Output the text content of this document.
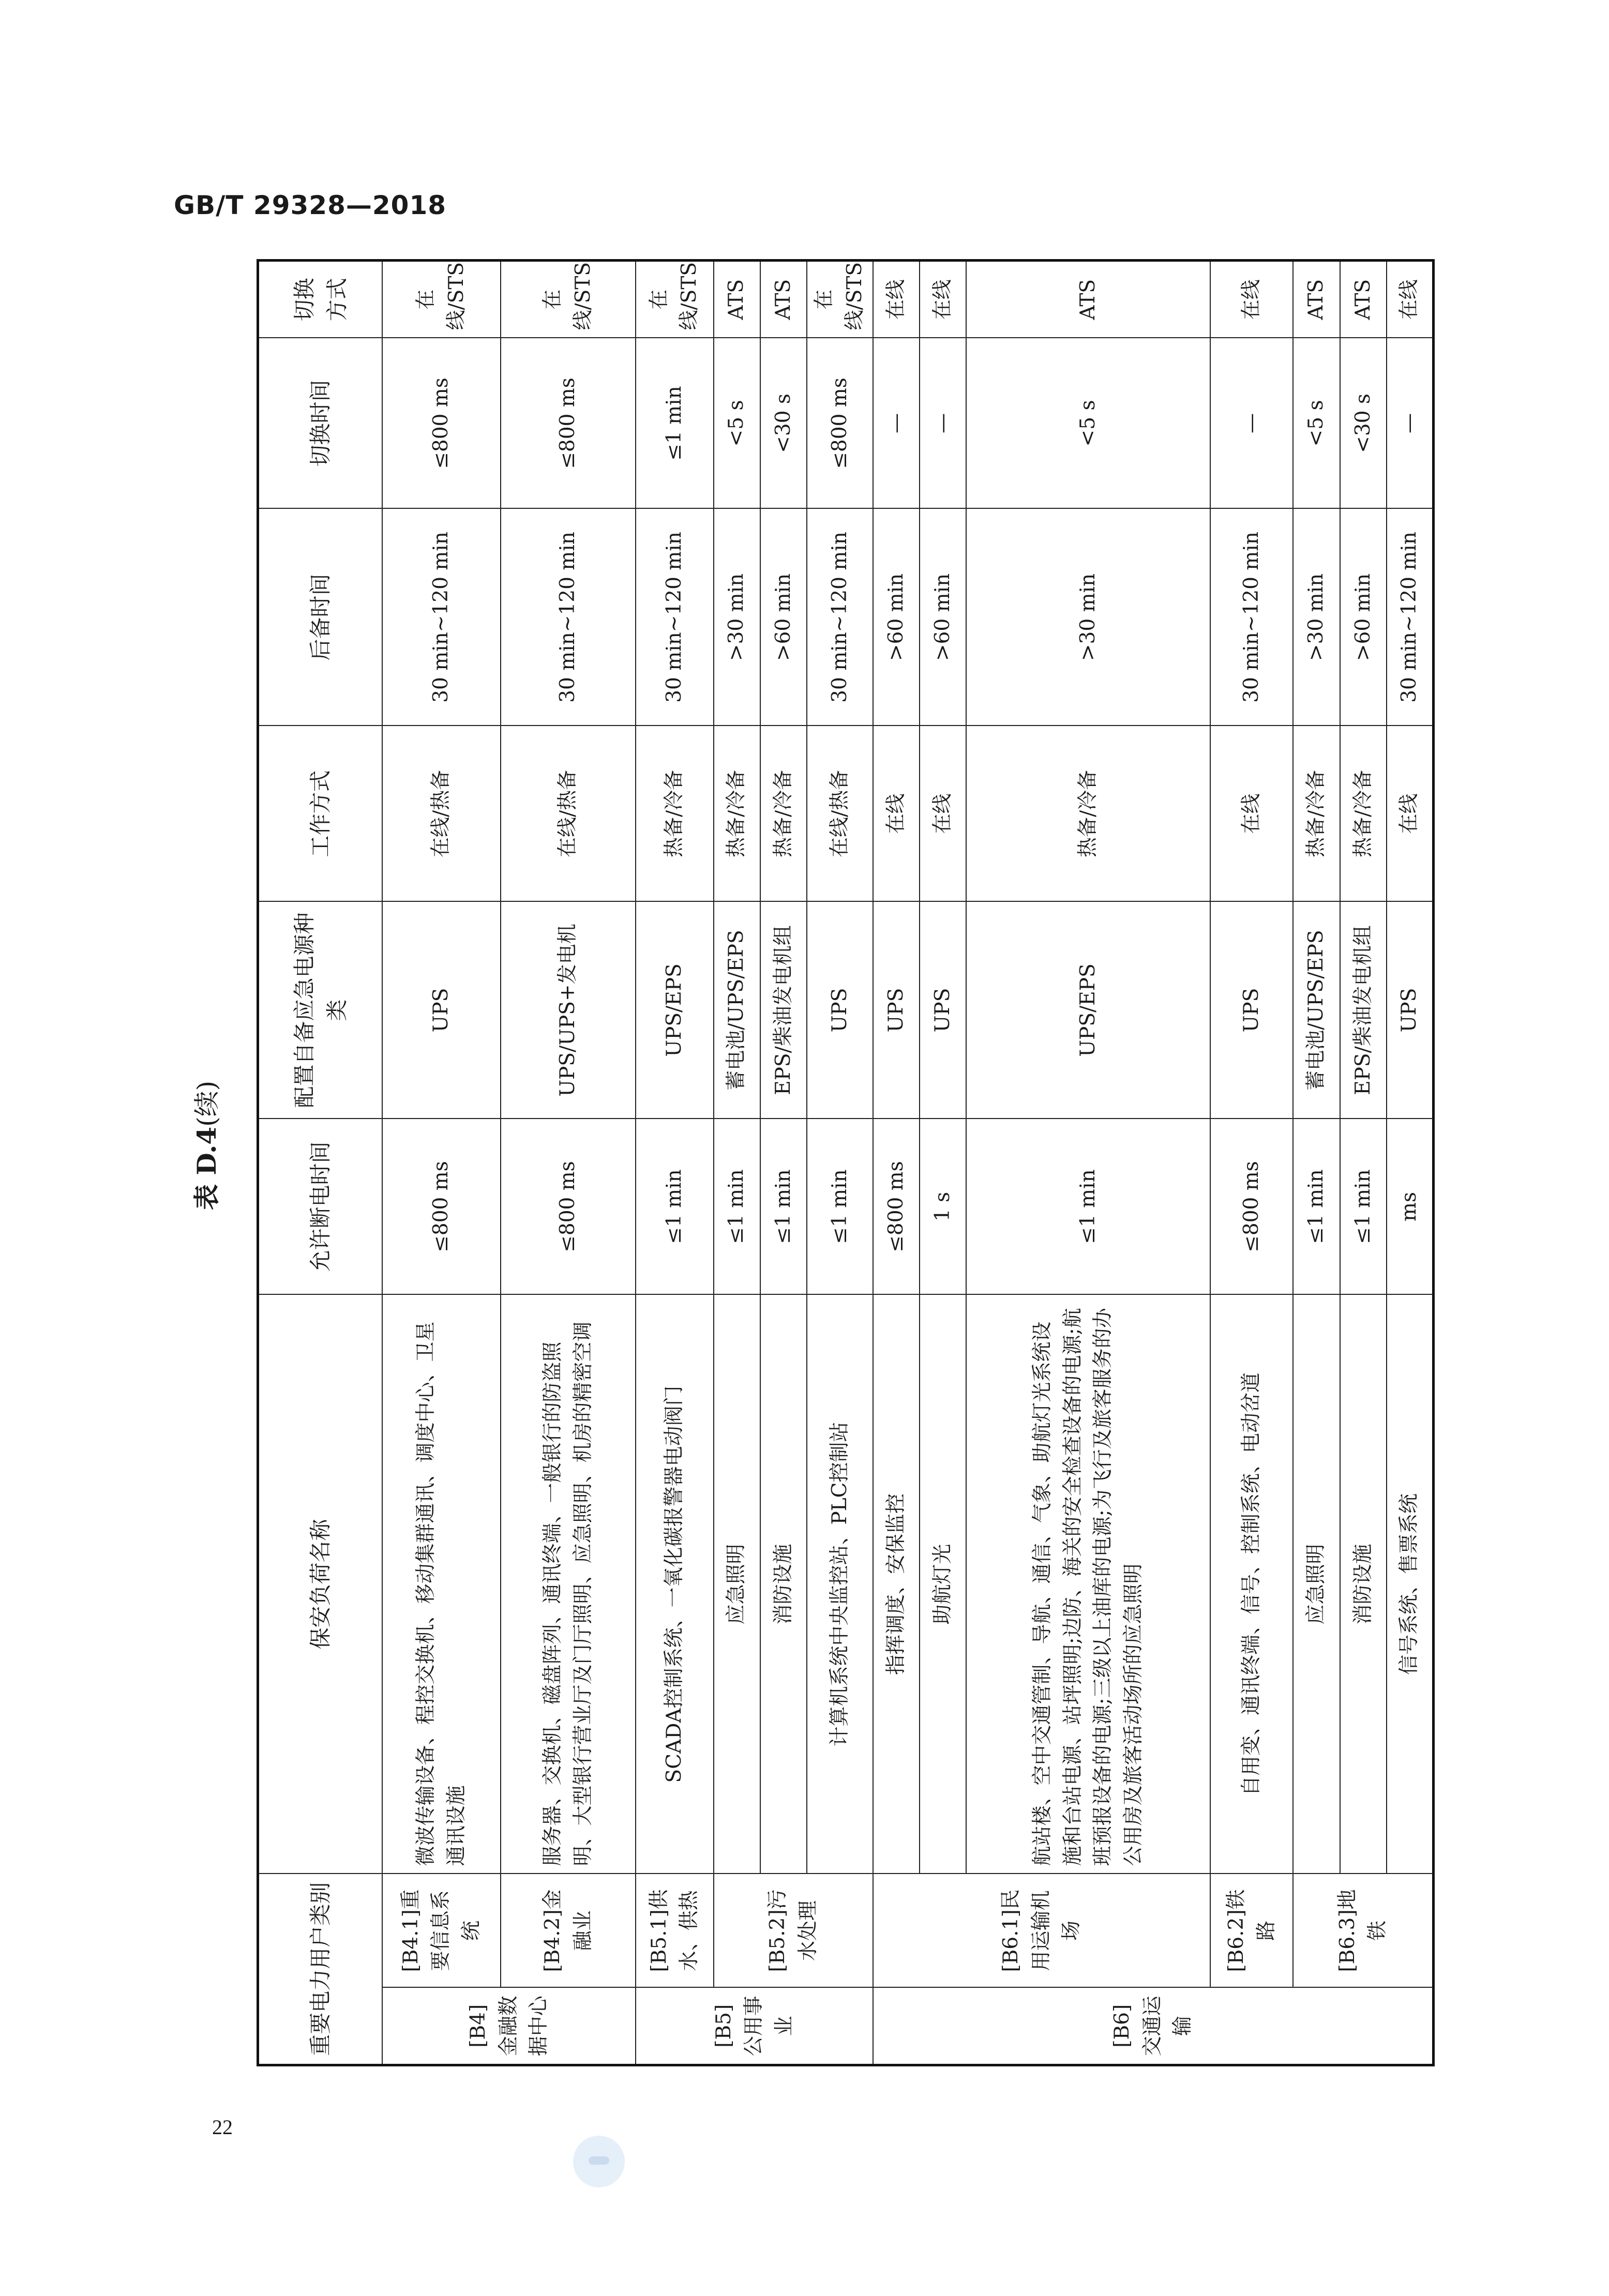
GB/T 29328—2018
表 D.4(续)
重要电力用户类别		保安负荷名称	允许断电时间	配置自备应急电源种类	工作方式	后备时间	切换时间	切换方式
[B4]金融数据中心	[B4.1]重要信息系统	微波传输设备、程控交换机、移动集群通讯、调度中心、卫星通讯设施	≤800 ms	UPS	在线/热备	30 min~120 min	≤800 ms	在线/STS
	[B4.2]金融业	服务器、交换机、磁盘阵列、通讯终端、一般银行的防盗照明、大型银行营业厅及门厅照明、应急照明、机房的精密空调	≤800 ms	UPS/UPS+发电机	在线/热备	30 min~120 min	≤800 ms	在线/STS
[B5]公用事业	[B5.1]供水、供热	SCADA控制系统、一氧化碳报警器电动阀门	≤1 min	UPS/EPS	热备/冷备	30 min~120 min	≤1 min	在线/STS
	[B5.2]污水处理	应急照明	≤1 min	蓄电池/UPS/EPS	热备/冷备	>30 min	<5 s	ATS
		消防设施	≤1 min	EPS/柴油发电机组	热备/冷备	>60 min	<30 s	ATS
		计算机系统中央监控站、PLC控制站	≤1 min	UPS	在线/热备	30 min~120 min	≤800 ms	在线/STS
[B6]交通运输	[B6.1]民用运输机场	指挥调度、安保监控	≤800 ms	UPS	在线	>60 min	—	在线
		助航灯光	1 s	UPS	在线	>60 min	—	在线
		航站楼、空中交通管制、导航、通信、气象、助航灯光系统设施和台站电源、站坪照明;边防、海关的安全检查设备的电源;航班预报设备的电源;三级以上油库的电源;为飞行及旅客服务的办公用房及旅客活动场所的应急照明	≤1 min	UPS/EPS	热备/冷备	>30 min	<5 s	ATS
	[B6.2]铁路	自用变、通讯终端、信号、控制系统、电动岔道	≤800 ms	UPS	在线	30 min~120 min	—	在线
	[B6.3]地铁	应急照明	≤1 min	蓄电池/UPS/EPS	热备/冷备	>30 min	<5 s	ATS
		消防设施	≤1 min	EPS/柴油发电机组	热备/冷备	>60 min	<30 s	ATS
		信号系统、售票系统	ms	UPS	在线	30 min~120 min	—	在线
22
